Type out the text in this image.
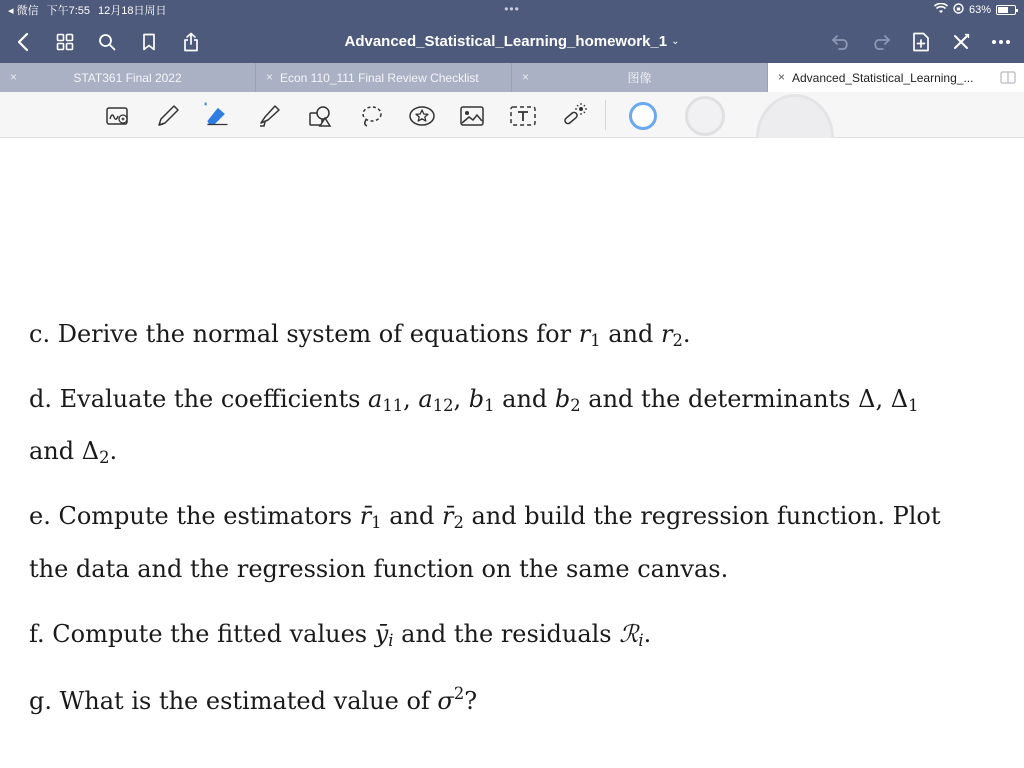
◂ 微信 下午7:55 12月18日周日	•••	63%
Advanced_Statistical_Learning_homework_1 ⌄
×	STAT361 Final 2022	× Econ 110_111 Final Review Checklist	×	图像	× Advanced_Statistical_Learning_...
c. Derive the normal system of equations for $r_1$ and $r_2$.
d. Evaluate the coefficients $a_{11}$, $a_{12}$, $b_1$ and $b_2$ and the determinants Δ, $\Delta_1$
and $\Delta_2$.
e. Compute the estimators $r̄_1$ and $r̄_2$ and build the regression function. Plot
the data and the regression function on the same canvas.
f. Compute the fitted values $ȳ_i$ and the residuals ℛ$_i$.
g. What is the estimated value of $\sigma^2$?
